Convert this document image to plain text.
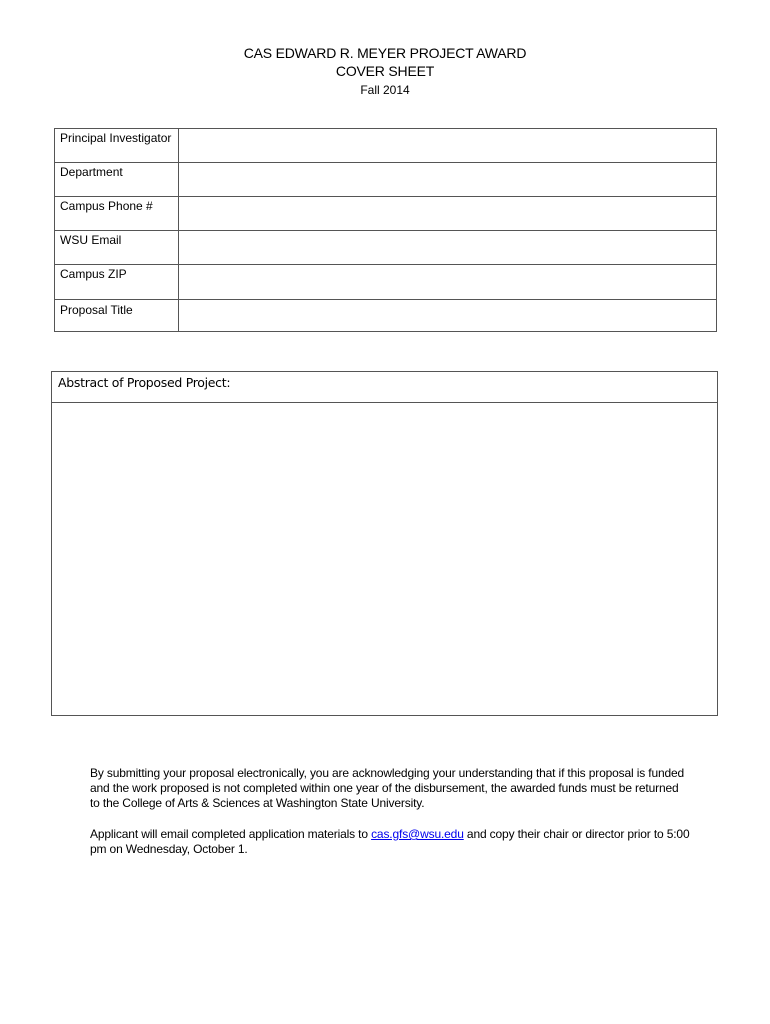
CAS EDWARD R. MEYER PROJECT AWARD
COVER SHEET
Fall 2014
Principal Investigator	
Department	
Campus Phone #	
WSU Email	
Campus ZIP	
Proposal Title	
Abstract of Proposed Project:

By submitting your proposal electronically, you are acknowledging your understanding that if this proposal is funded and the work proposed is not completed within one year of the disbursement, the awarded funds must be returned to the College of Arts & Sciences at Washington State University.

Applicant will email completed application materials to cas.gfs@wsu.edu and copy their chair or director prior to 5:00 pm on Wednesday, October 1.
